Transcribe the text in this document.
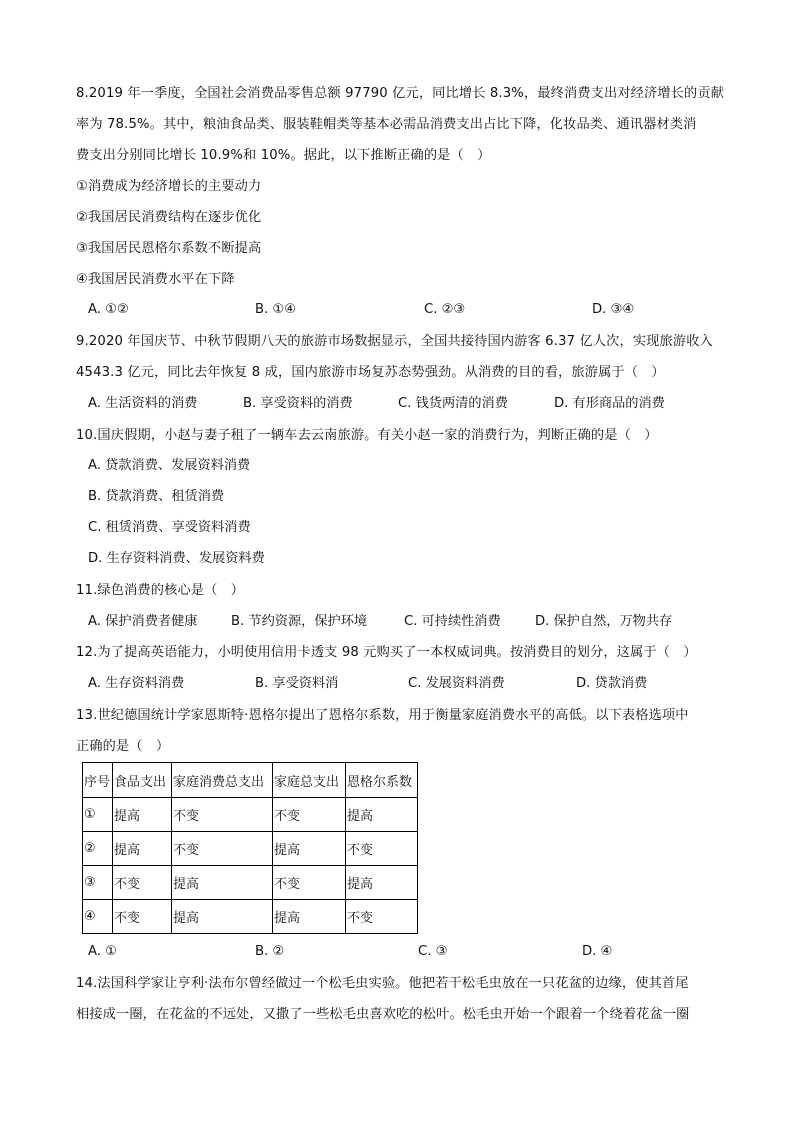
8.2019 年一季度，全国社会消费品零售总额 97790 亿元，同比增长 8.3%，最终消费支出对经济增长的贡献
率为 78.5%。其中，粮油食品类、服装鞋帽类等基本必需品消费支出占比下降，化妆品类、通讯器材类消
费支出分别同比增长 10.9%和 10%。据此，以下推断正确的是（　）
①消费成为经济增长的主要动力
②我国居民消费结构在逐步优化
③我国居民恩格尔系数不断提高
④我国居民消费水平在下降
A. ①②	B. ①④	C. ②③	D. ③④
9.2020 年国庆节、中秋节假期八天的旅游市场数据显示，全国共接待国内游客 6.37 亿人次，实现旅游收入
4543.3 亿元，同比去年恢复 8 成，国内旅游市场复苏态势强劲。从消费的目的看，旅游属于（　）
A. 生活资料的消费	B. 享受资料的消费	C. 钱货两清的消费	D. 有形商品的消费
10.国庆假期，小赵与妻子租了一辆车去云南旅游。有关小赵一家的消费行为，判断正确的是（　）
A. 贷款消费、发展资料消费
B. 贷款消费、租赁消费
C. 租赁消费、享受资料消费
D. 生存资料消费、发展资料费
11.绿色消费的核心是（　）
A. 保护消费者健康	B. 节约资源，保护环境	C. 可持续性消费	D. 保护自然，万物共存
12.为了提高英语能力，小明使用信用卡透支 98 元购买了一本权威词典。按消费目的划分，这属于（　）
A. 生存资料消费	B. 享受资料消	C. 发展资料消费	D. 贷款消费
13.世纪德国统计学家恩斯特·恩格尔提出了恩格尔系数，用于衡量家庭消费水平的高低。以下表格选项中
正确的是（　）
序号	食品支出	家庭消费总支出	家庭总支出	恩格尔系数
①	提高	不变	不变	提高
②	提高	不变	提高	不变
③	不变	提高	不变	提高
④	不变	提高	提高	不变
A. ①	B. ②	C. ③	D. ④
14.法国科学家让亨利·法布尔曾经做过一个松毛虫实验。他把若干松毛虫放在一只花盆的边缘，使其首尾
相接成一圈，在花盆的不远处，又撒了一些松毛虫喜欢吃的松叶。松毛虫开始一个跟着一个绕着花盆一圈
